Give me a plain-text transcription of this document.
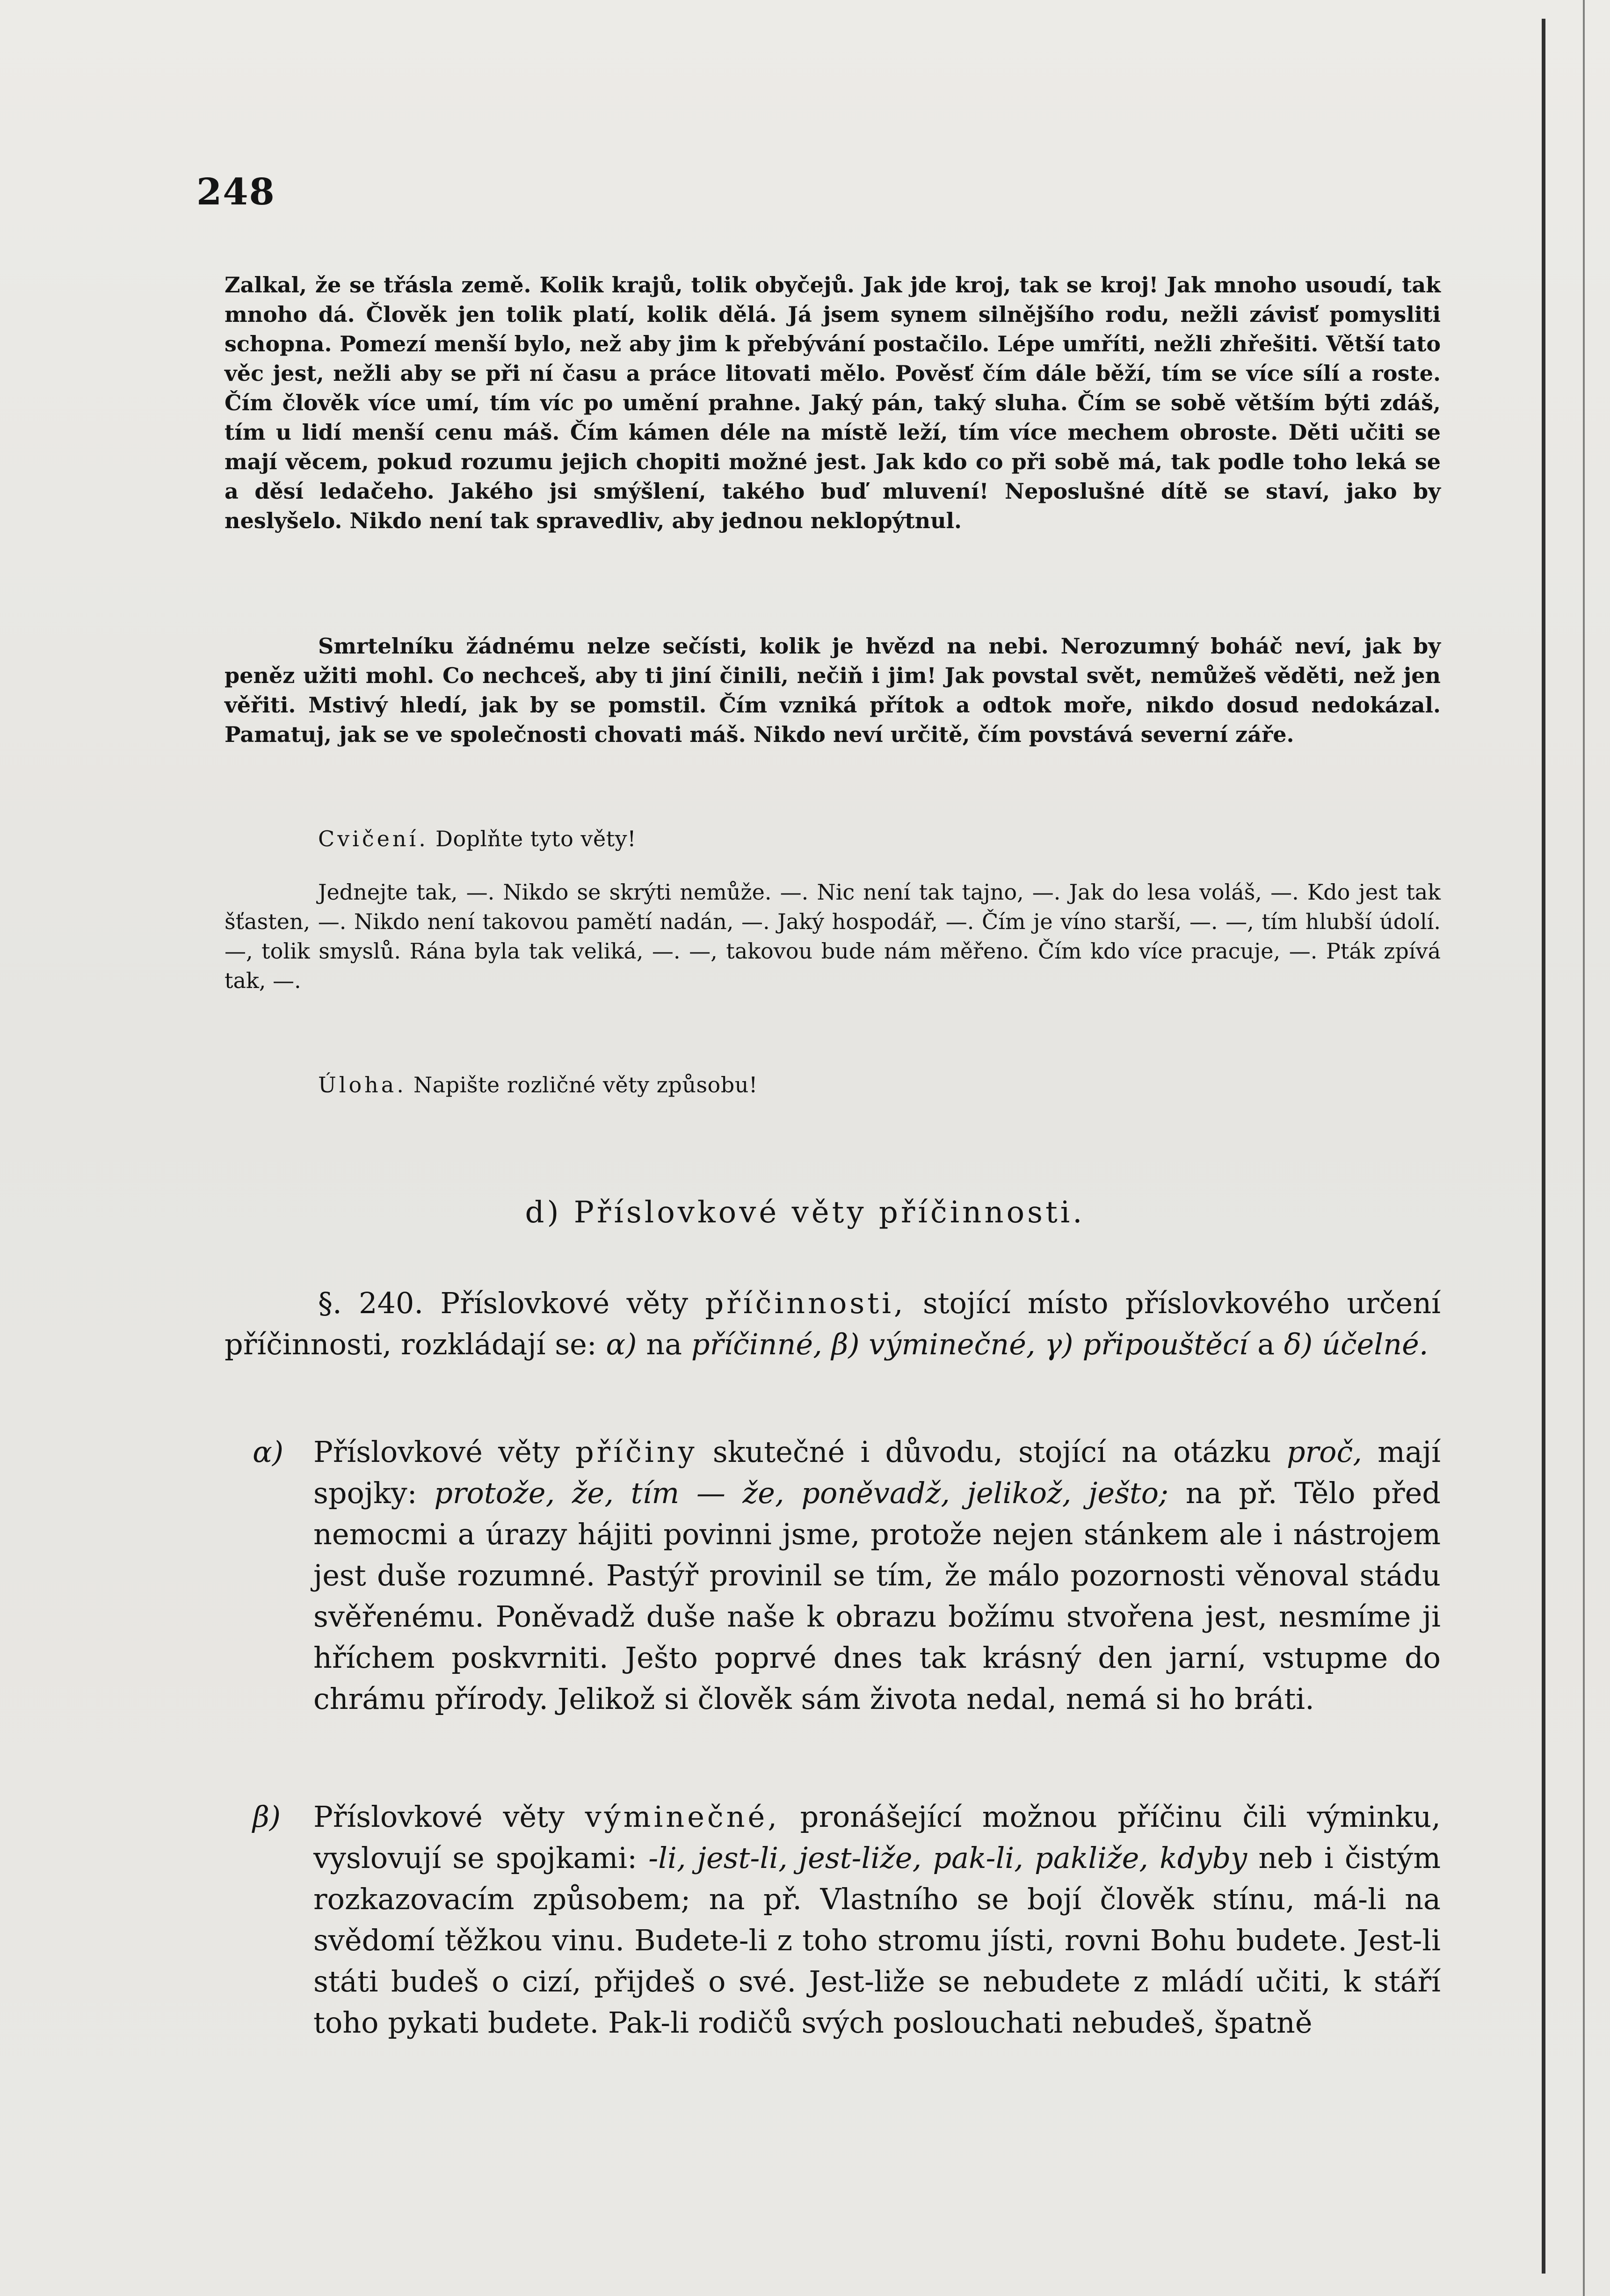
248
Zalkal, že se třásla země. Kolik krajů, tolik obyčejů. Jak jde kroj, tak se kroj! Jak mnoho usoudí, tak mnoho dá. Člověk jen tolik platí, kolik dělá. Já jsem synem silnějšího rodu, nežli závisť pomysliti schopna. Pomezí menší bylo, než aby jim k přebývání postačilo. Lépe umříti, nežli zhřešiti. Větší tato věc jest, nežli aby se při ní času a práce litovati mělo. Pověsť čím dále běží, tím se více sílí a roste. Čím člověk více umí, tím víc po umění prahne. Jaký pán, taký sluha. Čím se sobě větším býti zdáš, tím u lidí menší cenu máš. Čím kámen déle na místě leží, tím více mechem obroste. Děti učiti se mají věcem, pokud rozumu jejich chopiti možné jest. Jak kdo co při sobě má, tak podle toho leká se a děsí ledačeho. Jakého jsi smýšlení, takého buď mluvení! Neposlušné dítě se staví, jako by neslyšelo. Nikdo není tak spravedliv, aby jednou neklopýtnul.
Smrtelníku žádnému nelze sečísti, kolik je hvězd na nebi. Nerozumný boháč neví, jak by peněz užiti mohl. Co nechceš, aby ti jiní činili, nečiň i jim! Jak povstal svět, nemůžeš věděti, než jen věřiti. Mstivý hledí, jak by se pomstil. Čím vzniká přítok a odtok moře, nikdo dosud nedokázal. Pamatuj, jak se ve společnosti chovati máš. Nikdo neví určitě, čím povstává severní záře.
Cvičení. Doplňte tyto věty!
Jednejte tak, —. Nikdo se skrýti nemůže. —. Nic není tak tajno, —. Jak do lesa voláš, —. Kdo jest tak šťasten, —. Nikdo není takovou pamětí nadán, —. Jaký hospodář, —. Čím je víno starší, —. —, tím hlubší údolí. —, tolik smyslů. Rána byla tak veliká, —. —, takovou bude nám měřeno. Čím kdo více pracuje, —. Pták zpívá tak, —.
Úloha. Napište rozličné věty způsobu!
d) Příslovkové věty příčinnosti.
§. 240. Příslovkové věty příčinnosti, stojící místo příslovkového určení příčinnosti, rozkládají se: α) na příčinné, β) výminečné, γ) připouštěcí a δ) účelné.
α) Příslovkové věty příčiny skutečné i důvodu, stojící na otázku proč, mají spojky: protože, že, tím — že, poněvadž, jelikož, ješto; na př. Tělo před nemocmi a úrazy hájiti povinni jsme, protože nejen stánkem ale i nástrojem jest duše rozumné. Pastýř provinil se tím, že málo pozornosti věnoval stádu svěřenému. Poněvadž duše naše k obrazu božímu stvořena jest, nesmíme ji hříchem poskvrniti. Ješto poprvé dnes tak krásný den jarní, vstupme do chrámu přírody. Jelikož si člověk sám života nedal, nemá si ho bráti.
β) Příslovkové věty výminečné, pronášející možnou příčinu čili výminku, vyslovují se spojkami: -li, jest-li, jest-liže, pak-li, pakliže, kdyby neb i čistým rozkazovacím způsobem; na př. Vlastního se bojí člověk stínu, má-li na svědomí těžkou vinu. Budete-li z toho stromu jísti, rovni Bohu budete. Jest-li státi budeš o cizí, přijdeš o své. Jest-liže se nebudete z mládí učiti, k stáří toho pykati budete. Pak-li rodičů svých poslouchati nebudeš, špatně
